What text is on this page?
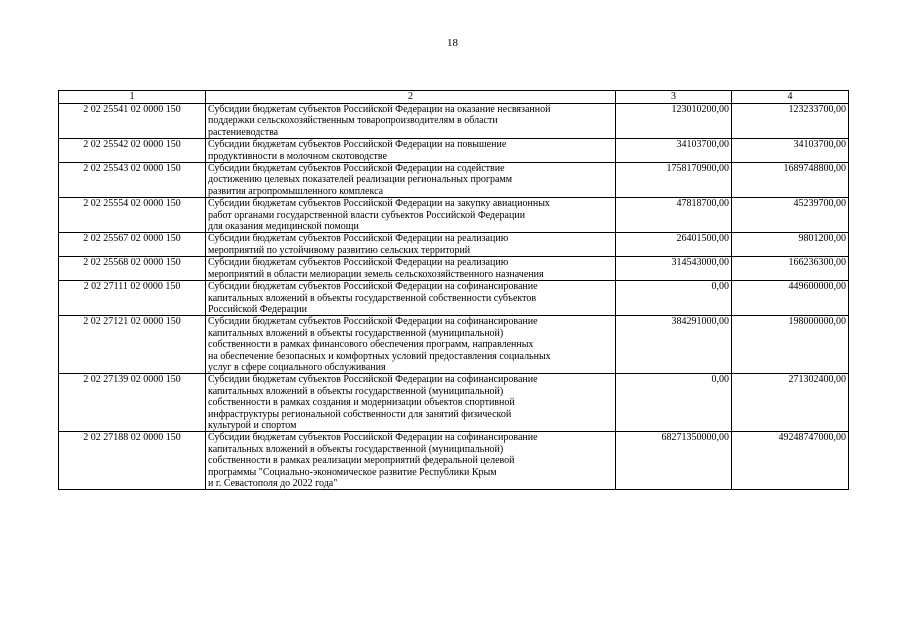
18
1	2	3	4
2 02 25541 02 0000 150	Субсидии бюджетам субъектов Российской Федерации на оказание несвязанной
поддержки сельскохозяйственным товаропроизводителям в области
растениеводства	123010200,00	123233700,00
2 02 25542 02 0000 150	Субсидии бюджетам субъектов Российской Федерации на повышение
продуктивности в молочном скотоводстве	34103700,00	34103700,00
2 02 25543 02 0000 150	Субсидии бюджетам субъектов Российской Федерации на содействие
достижению целевых показателей реализации региональных программ
развития агропромышленного комплекса	1758170900,00	1689748800,00
2 02 25554 02 0000 150	Субсидии бюджетам субъектов Российской Федерации на закупку авиационных
работ органами государственной власти субъектов Российской Федерации
для оказания медицинской помощи	47818700,00	45239700,00
2 02 25567 02 0000 150	Субсидии бюджетам субъектов Российской Федерации на реализацию
мероприятий по устойчивому развитию сельских территорий	26401500,00	9801200,00
2 02 25568 02 0000 150	Субсидии бюджетам субъектов Российской Федерации на реализацию
мероприятий в области мелиорации земель сельскохозяйственного назначения	314543000,00	166236300,00
2 02 27111 02 0000 150	Субсидии бюджетам субъектов Российской Федерации на софинансирование
капитальных вложений в объекты государственной собственности субъектов
Российской Федерации	0,00	449600000,00
2 02 27121 02 0000 150	Субсидии бюджетам субъектов Российской Федерации на софинансирование
капитальных вложений в объекты государственной (муниципальной)
собственности в рамках финансового обеспечения программ, направленных
на обеспечение безопасных и комфортных условий предоставления социальных
услуг в сфере социального обслуживания	384291000,00	198000000,00
2 02 27139 02 0000 150	Субсидии бюджетам субъектов Российской Федерации на софинансирование
капитальных вложений в объекты государственной (муниципальной)
собственности в рамках создания и модернизации объектов спортивной
инфраструктуры региональной собственности для занятий физической
культурой и спортом	0,00	271302400,00
2 02 27188 02 0000 150	Субсидии бюджетам субъектов Российской Федерации на софинансирование
капитальных вложений в объекты государственной (муниципальной)
собственности в рамках реализации мероприятий федеральной целевой
программы "Социально-экономическое развитие Республики Крым
и г. Севастополя до 2022 года"	68271350000,00	49248747000,00
